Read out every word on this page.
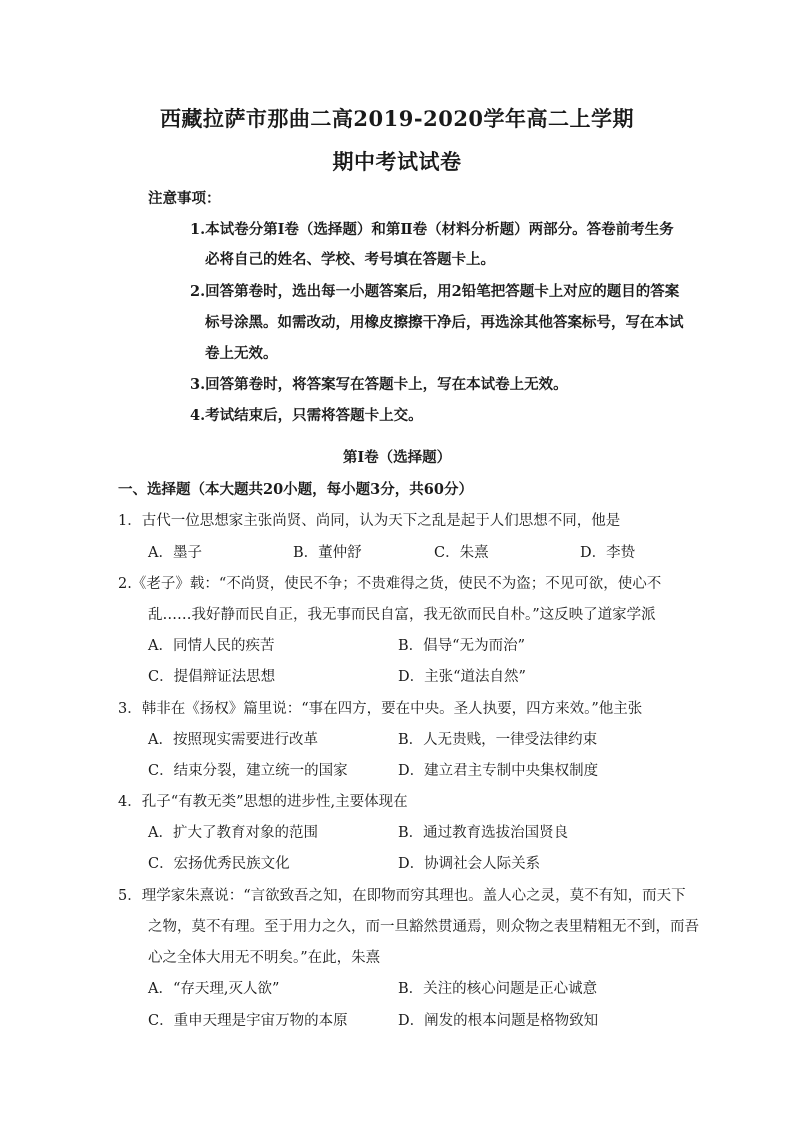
西藏拉萨市那曲二高2019-2020学年高二上学期
期中考试试卷
注意事项：
1.本试卷分第Ⅰ卷（选择题）和第Ⅱ卷（材料分析题）两部分。答卷前考生务
必将自己的姓名、学校、考号填在答题卡上。
2.回答第卷时，选出每一小题答案后，用2铅笔把答题卡上对应的题目的答案
标号涂黑。如需改动，用橡皮擦擦干净后，再选涂其他答案标号，写在本试
卷上无效。
3.回答第卷时，将答案写在答题卡上，写在本试卷上无效。
4.考试结束后，只需将答题卡上交。
第Ⅰ卷（选择题）
一、选择题（本大题共20小题，每小题3分，共60分）
1．古代一位思想家主张尚贤、尚同，认为天下之乱是起于人们思想不同，他是
A．墨子	B．董仲舒	C．朱熹	D．李贽
2.《老子》载：“不尚贤，使民不争；不贵难得之货，使民不为盗；不见可欲，使心不
乱……我好静而民自正，我无事而民自富，我无欲而民自朴。”这反映了道家学派
A．同情人民的疾苦	B．倡导“无为而治”
C．提倡辩证法思想	D．主张“道法自然”
3．韩非在《扬权》篇里说：“事在四方，要在中央。圣人执要，四方来效。”他主张
A．按照现实需要进行改革	B．人无贵贱，一律受法律约束
C．结束分裂，建立统一的国家	D．建立君主专制中央集权制度
4．孔子“有教无类”思想的进步性,主要体现在
A．扩大了教育对象的范围	B．通过教育选拔治国贤良
C．宏扬优秀民族文化	D．协调社会人际关系
5．理学家朱熹说：“言欲致吾之知，在即物而穷其理也。盖人心之灵，莫不有知，而天下
之物，莫不有理。至于用力之久，而一旦豁然贯通焉，则众物之表里精粗无不到，而吾
心之全体大用无不明矣。”在此，朱熹
A．“存天理,灭人欲”	B．关注的核心问题是正心诚意
C．重申天理是宇宙万物的本原	D．阐发的根本问题是格物致知
